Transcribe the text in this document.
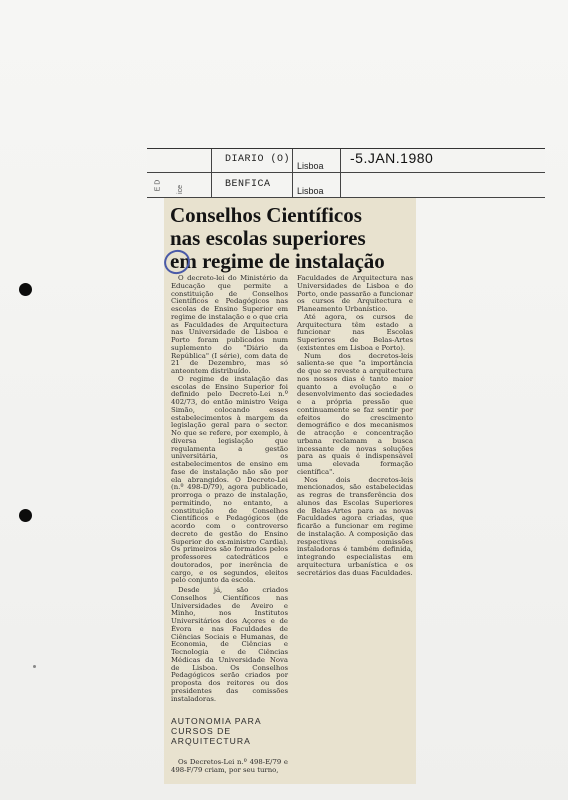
DIARIO (O)
Lisboa
BENFICA
Lisboa
-5.JAN.1980
E D ice
Conselhos Científicos
nas escolas superiores
em regime de instalação

O decreto-lei do Ministério da Educação que permite a constituição de Conselhos Científicos e Pedagógicos nas escolas de Ensino Superior em regime de instalação e o que cria as Faculdades de Arquitectura nas Universidade de Lisboa e Porto foram publicados num suplemento do "Diário da República" (I série), com data de 21 de Dezembro, mas só anteontem distribuído.

O regime de instalação das escolas de Ensino Superior foi definido pelo Decreto-Lei n.º 402/73, do então ministro Veiga Simão, colocando esses estabelecimentos à margem da legislação geral para o sector. No que se refere, por exemplo, à diversa legislação que regulamenta a gestão universitária, os estabelecimentos de ensino em fase de instalação não são por ela abrangidos. O Decreto-Lei (n.º 498-D/79), agora publicado, prorroga o prazo de instalação, permitindo, no entanto, a constituição de Conselhos Científicos e Pedagógicos (de acordo com o controverso decreto de gestão do Ensino Superior do ex-ministro Cardia). Os primeiros são formados pelos professores catedráticos e doutorados, por inerência de cargo, e os segundos, eleitos pelo conjunto da escola.

Desde já, são criados Conselhos Científicos nas Universidades de Aveiro e Minho, nos Institutos Universitários dos Açores e de Évora e nas Faculdades de Ciências Sociais e Humanas, de Economia, de Ciências e Tecnologia e de Ciências Médicas da Universidade Nova de Lisboa. Os Conselhos Pedagógicos serão criados por proposta dos reitores ou dos presidentes das comissões instaladoras.

AUTONOMIA PARA CURSOS DE ARQUITECTURA

Os Decretos-Lei n.º 498-E/79 e 498-F/79 criam, por seu turno,

Faculdades de Arquitectura nas Universidades de Lisboa e do Porto, onde passarão a funcionar os cursos de Arquitectura e Planeamento Urbanístico.

Até agora, os cursos de Arquitectura têm estado a funcionar nas Escolas Superiores de Belas-Artes (existentes em Lisboa e Porto).

Num dos decretos-leis salienta-se que "a importância de que se reveste a arquitectura nos nossos dias é tanto maior quanto a evolução e o desenvolvimento das sociedades e a própria pressão que continuamente se faz sentir por efeitos do crescimento demográfico e dos mecanismos de atracção e concentração urbana reclamam a busca incessante de novas soluções para as quais é indispensável uma elevada formação científica".

Nos dois decretos-leis mencionados, são estabelecidas as regras de transferência dos alunos das Escolas Superiores de Belas-Artes para as novas Faculdades agora criadas, que ficarão a funcionar em regime de instalação. A composição das respectivas comissões instaladoras é também definida, integrando especialistas em arquitectura urbanística e os secretários das duas Faculdades.
